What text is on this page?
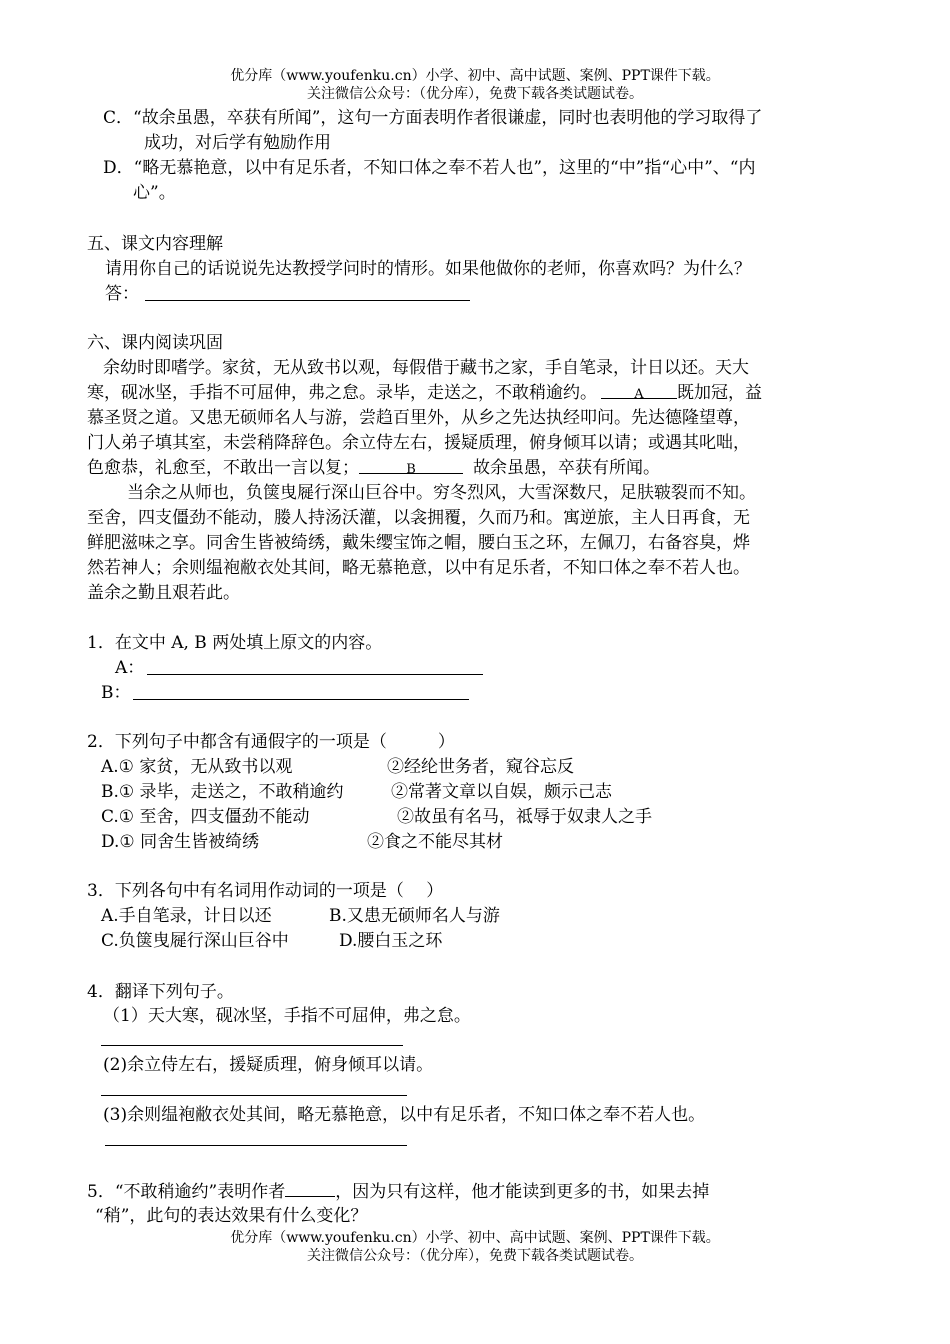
优分库（www.youfenku.cn）小学、初中、高中试题、案例、PPT课件下载。
关注微信公众号：（优分库），免费下载各类试题试卷。
C．“故余虽愚，卒获有所闻”，这句一方面表明作者很谦虚，同时也表明他的学习取得了
成功，对后学有勉励作用
D．“略无慕艳意，以中有足乐者，不知口体之奉不若人也”，这里的“中”指“心中”、“内
心”。
五、课文内容理解
请用你自己的话说说先达教授学问时的情形。如果他做你的老师，你喜欢吗？为什么？
答：
六、课内阅读巩固
余幼时即嗜学。家贫，无从致书以观，每假借于藏书之家，手自笔录，计日以还。天大
寒，砚冰坚，手指不可屈伸，弗之怠。录毕，走送之，不敢稍逾约。	A 既加冠，益
慕圣贤之道。又患无硕师名人与游，尝趋百里外，从乡之先达执经叩问。先达德隆望尊，
门人弟子填其室，未尝稍降辞色。余立侍左右，援疑质理，俯身倾耳以请；或遇其叱咄，
色愈恭，礼愈至，不敢出一言以复；	B	故余虽愚，卒获有所闻。
当余之从师也，负箧曳屣行深山巨谷中。穷冬烈风，大雪深数尺，足肤皲裂而不知。
至舍，四支僵劲不能动，媵人持汤沃灌，以衾拥覆，久而乃和。寓逆旅，主人日再食，无
鲜肥滋味之享。同舍生皆被绮绣，戴朱缨宝饰之帽，腰白玉之环，左佩刀，右备容臭，烨
然若神人；余则缊袍敝衣处其间，略无慕艳意，以中有足乐者，不知口体之奉不若人也。
盖余之勤且艰若此。
1．在文中 A, B 两处填上原文的内容。
A：
B：
2．下列句子中都含有通假字的一项是（　　　）
A.① 家贫，无从致书以观	②经纶世务者，窥谷忘反
B.① 录毕，走送之，不敢稍逾约	②常著文章以自娱，颇示己志
C.① 至舍，四支僵劲不能动	②故虽有名马，祗辱于奴隶人之手
D.① 同舍生皆被绮绣	②食之不能尽其材
3．下列各句中有名词用作动词的一项是（　 ）
A.手自笔录，计日以还	B.又患无硕师名人与游
C.负箧曳屣行深山巨谷中	D.腰白玉之环
4．翻译下列句子。
（1）天大寒，砚冰坚，手指不可屈伸，弗之怠。
(2)余立侍左右，援疑质理，俯身倾耳以请。
(3)余则缊袍敝衣处其间，略无慕艳意，以中有足乐者，不知口体之奉不若人也。
5．“不敢稍逾约”表明作者	，因为只有这样，他才能读到更多的书，如果去掉
“稍”，此句的表达效果有什么变化？
优分库（www.youfenku.cn）小学、初中、高中试题、案例、PPT课件下载。
关注微信公众号：（优分库），免费下载各类试题试卷。
